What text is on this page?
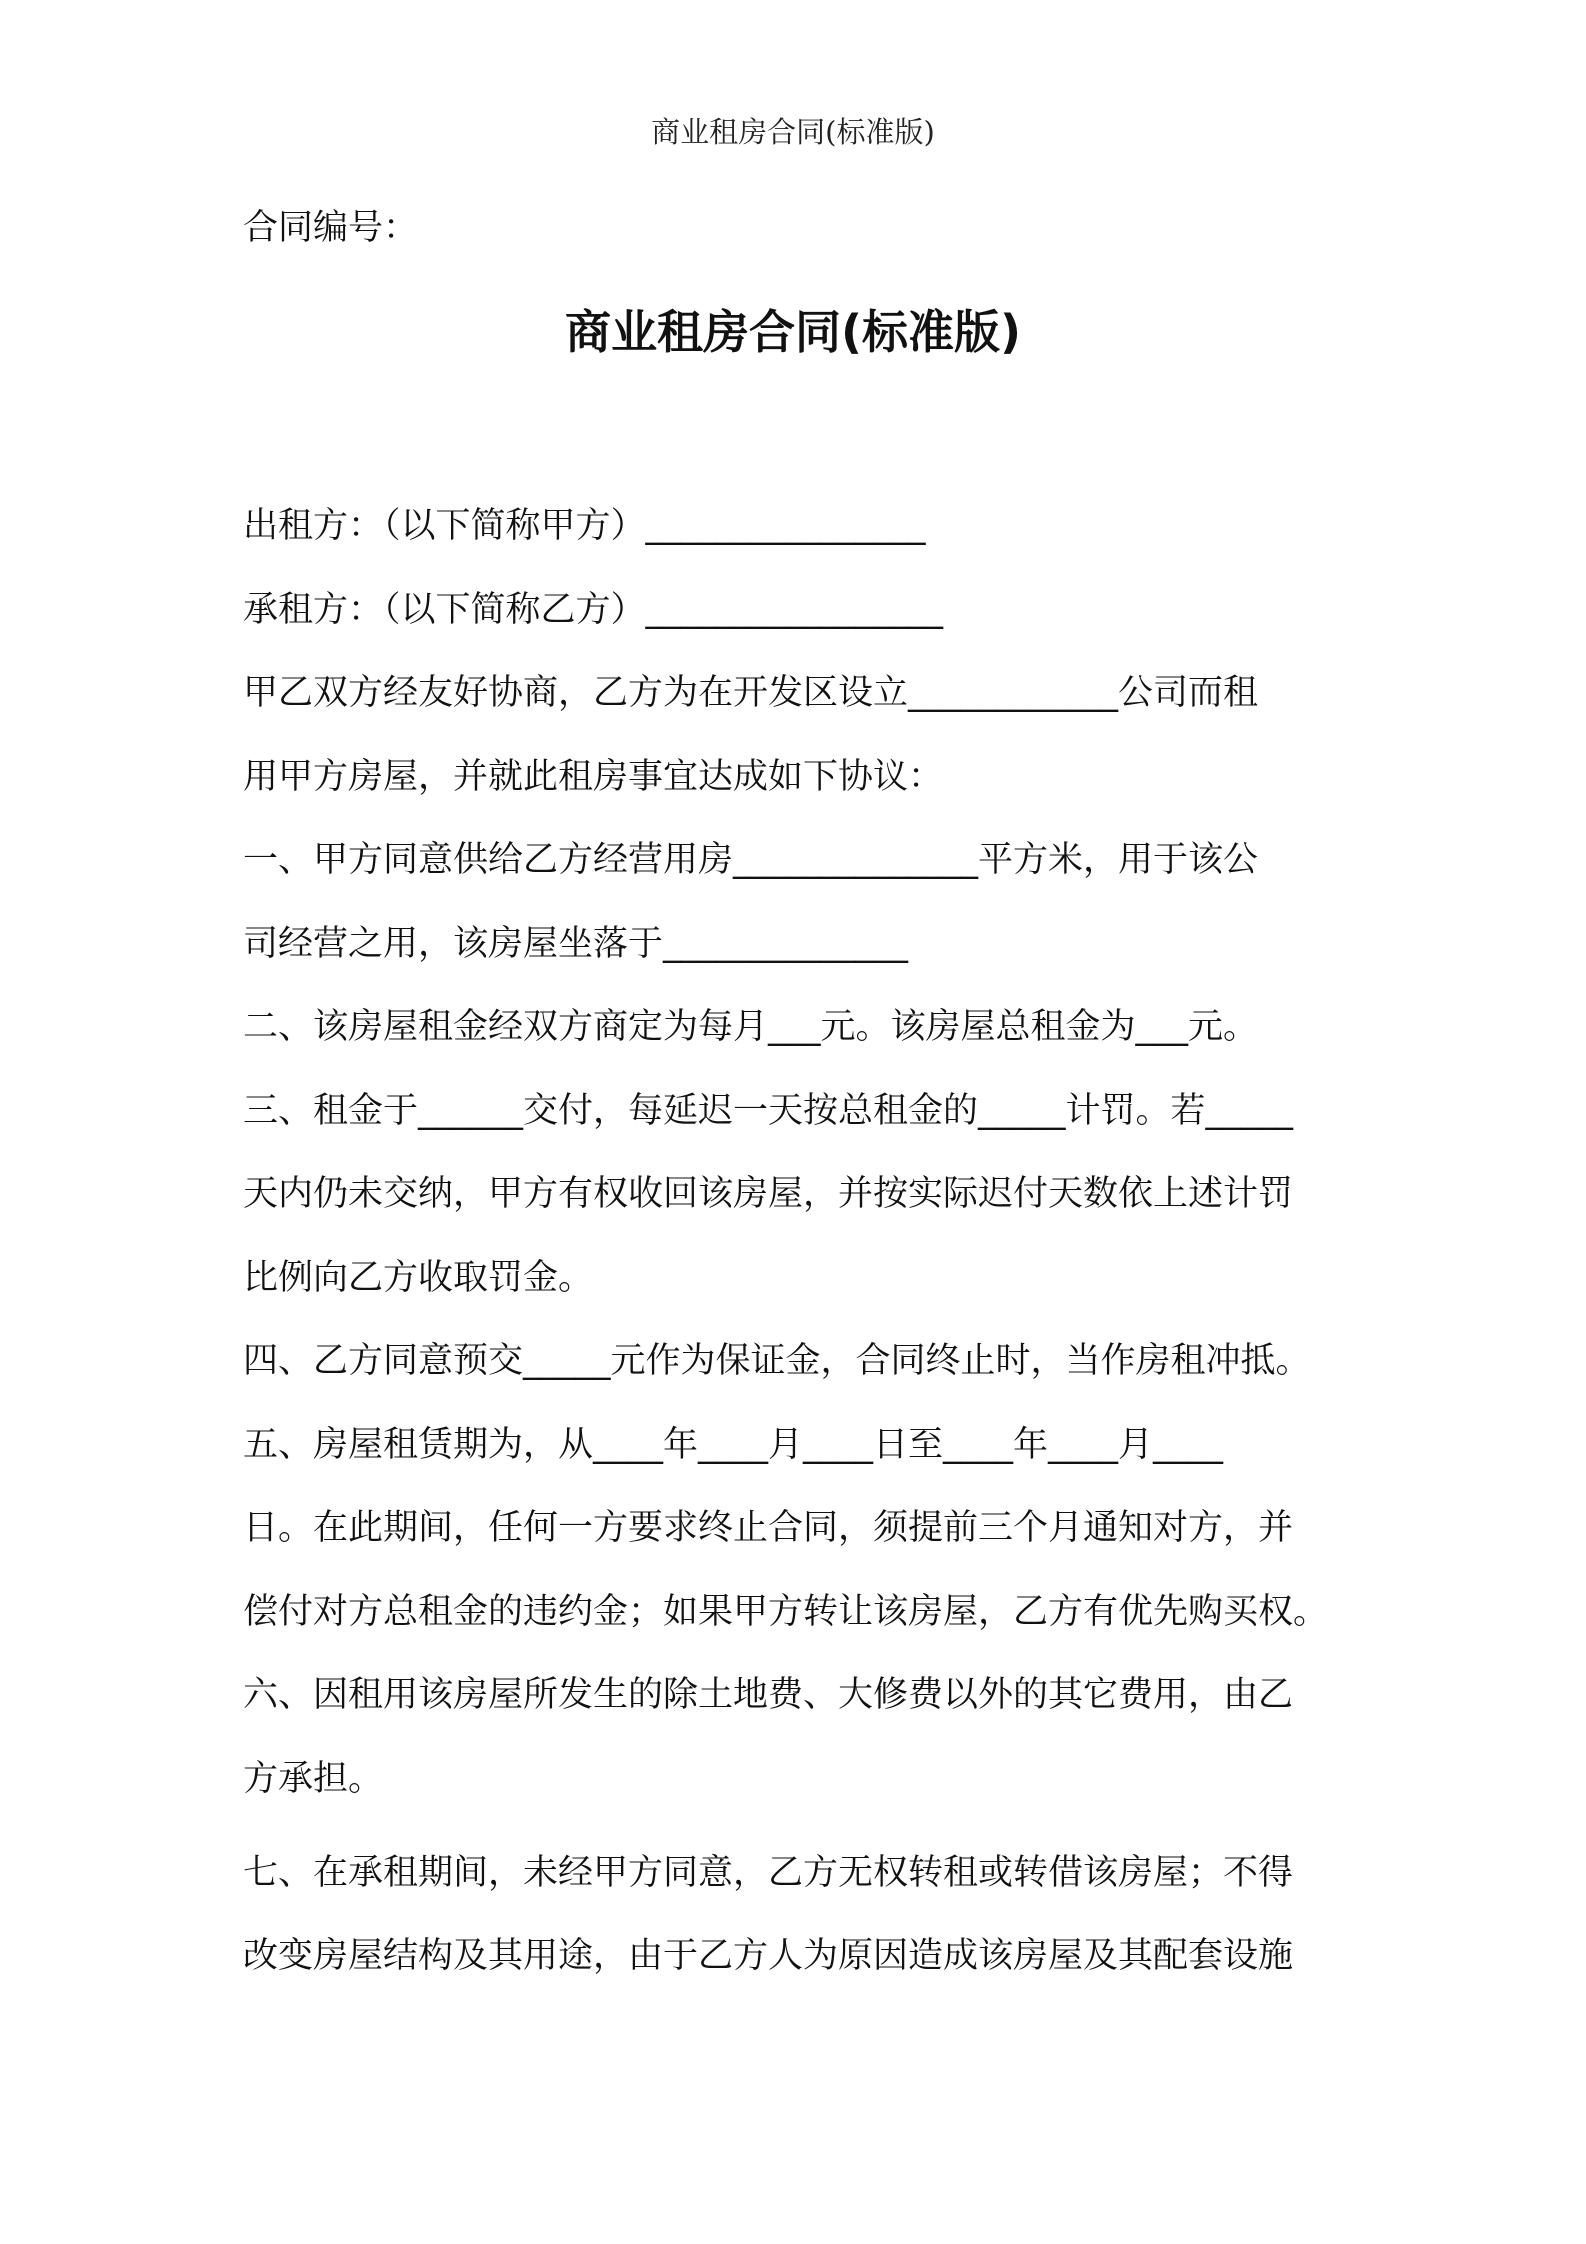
商业租房合同(标准版)
合同编号：
商业租房合同(标准版)
出租方：（以下简称甲方）________________
承租方：（以下简称乙方）_________________
甲乙双方经友好协商，乙方为在开发区设立____________公司而租
用甲方房屋，并就此租房事宜达成如下协议：
一、甲方同意供给乙方经营用房______________平方米，用于该公
司经营之用，该房屋坐落于______________
二、该房屋租金经双方商定为每月___元。该房屋总租金为___元。
三、租金于______交付，每延迟一天按总租金的_____计罚。若_____
天内仍未交纳，甲方有权收回该房屋，并按实际迟付天数依上述计罚
比例向乙方收取罚金。
四、乙方同意预交_____元作为保证金，合同终止时，当作房租冲抵。
五、房屋租赁期为，从____年____月____日至____年____月____
日。在此期间，任何一方要求终止合同，须提前三个月通知对方，并
偿付对方总租金的违约金；如果甲方转让该房屋，乙方有优先购买权。
六、因租用该房屋所发生的除土地费、大修费以外的其它费用，由乙
方承担。
七、在承租期间，未经甲方同意，乙方无权转租或转借该房屋；不得
改变房屋结构及其用途，由于乙方人为原因造成该房屋及其配套设施
